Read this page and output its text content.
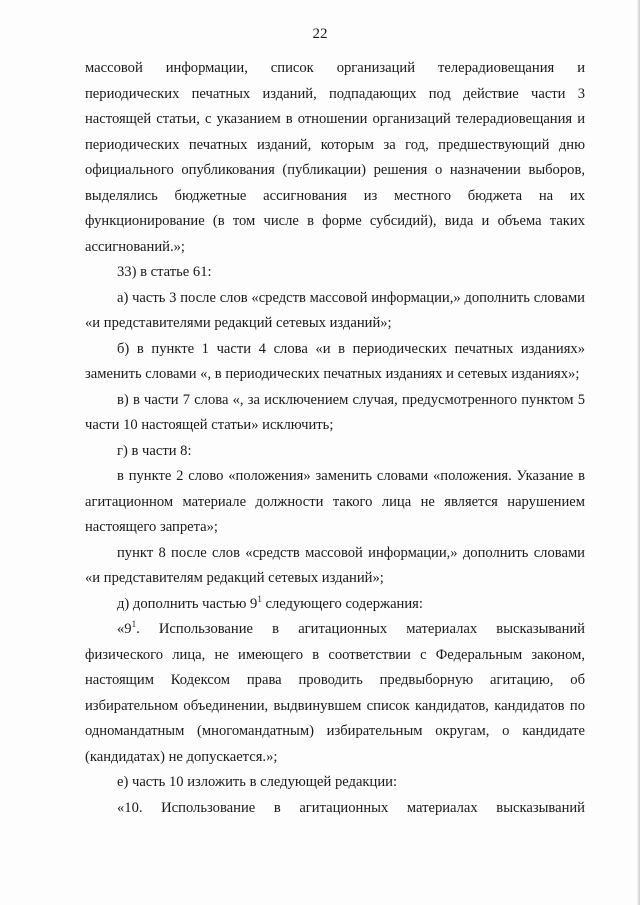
22

массовой информации, список организаций телерадиовещания и периодических печатных изданий, подпадающих под действие части 3 настоящей статьи, с указанием в отношении организаций телерадиовещания и периодических печатных изданий, которым за год, предшествующий дню официального опубликования (публикации) решения о назначении выборов, выделялись бюджетные ассигнования из местного бюджета на их функционирование (в том числе в форме субсидий), вида и объема таких ассигнований.»;

33) в статье 61:

а) часть 3 после слов «средств массовой информации,» дополнить словами «и представителями редакций сетевых изданий»;

б) в пункте 1 части 4 слова «и в периодических печатных изданиях» заменить словами «, в периодических печатных изданиях и сетевых изданиях»;

в) в части 7 слова «, за исключением случая, предусмотренного пунктом 5 части 10 настоящей статьи» исключить;

г) в части 8:

в пункте 2 слово «положения» заменить словами «положения. Указание в агитационном материале должности такого лица не является нарушением настоящего запрета»;

пункт 8 после слов «средств массовой информации,» дополнить словами «и представителям редакций сетевых изданий»;

д) дополнить частью $9^1$ следующего содержания:

«$9^1$. Использование в агитационных материалах высказываний физического лица, не имеющего в соответствии с Федеральным законом, настоящим Кодексом права проводить предвыборную агитацию, об избирательном объединении, выдвинувшем список кандидатов, кандидатов по одномандатным (многомандатным) избирательным округам, о кандидате (кандидатах) не допускается.»;

е) часть 10 изложить в следующей редакции:

«10. Использование в агитационных материалах высказываний
